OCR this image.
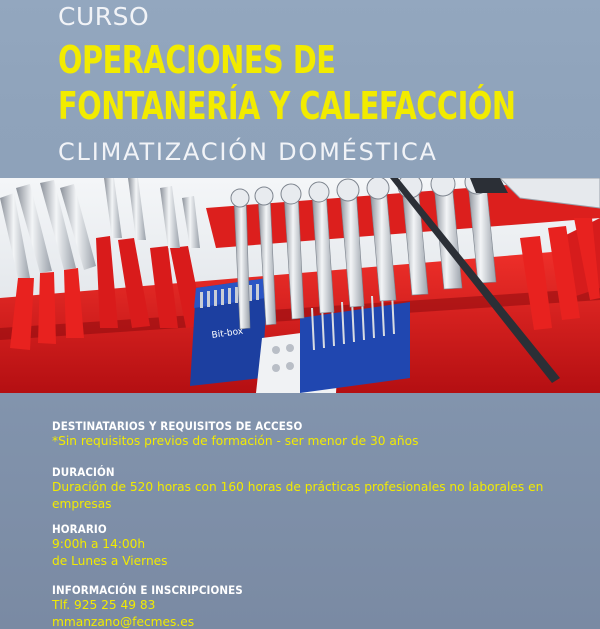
CURSO
OPERACIONES DE
FONTANERÍA Y CALEFACCIÓN
CLIMATIZACIÓN DOMÉSTICA
Bit-box
DESTINATARIOS Y REQUISITOS DE ACCESO
*Sin requisitos previos de formación - ser menor de 30 años
DURACIÓN
Duración de 520 horas con 160 horas de prácticas profesionales no laborales en empresas
HORARIO
9:00h a 14:00h
de Lunes a Viernes
INFORMACIÓN E INSCRIPCIONES
Tlf. 925 25 49 83
mmanzano@fecmes.es
